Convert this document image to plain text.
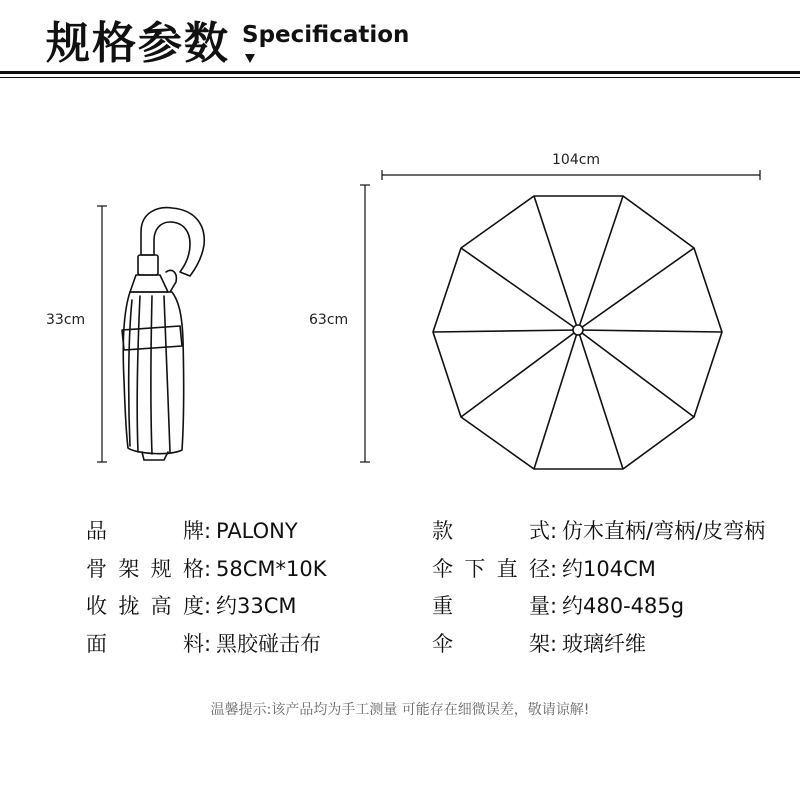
规格参数 Specification
33cm	63cm
104cm
品　牌: PALONY
骨架规格: 58CM*10K
收拢高度: 约33CM
面　料: 黑胶碰击布
款　式: 仿木直柄/弯柄/皮弯柄
伞下直径: 约104CM
重　量: 约480-485g
伞　架: 玻璃纤维
温馨提示:该产品均为手工测量 可能存在细微误差，敬请谅解!
